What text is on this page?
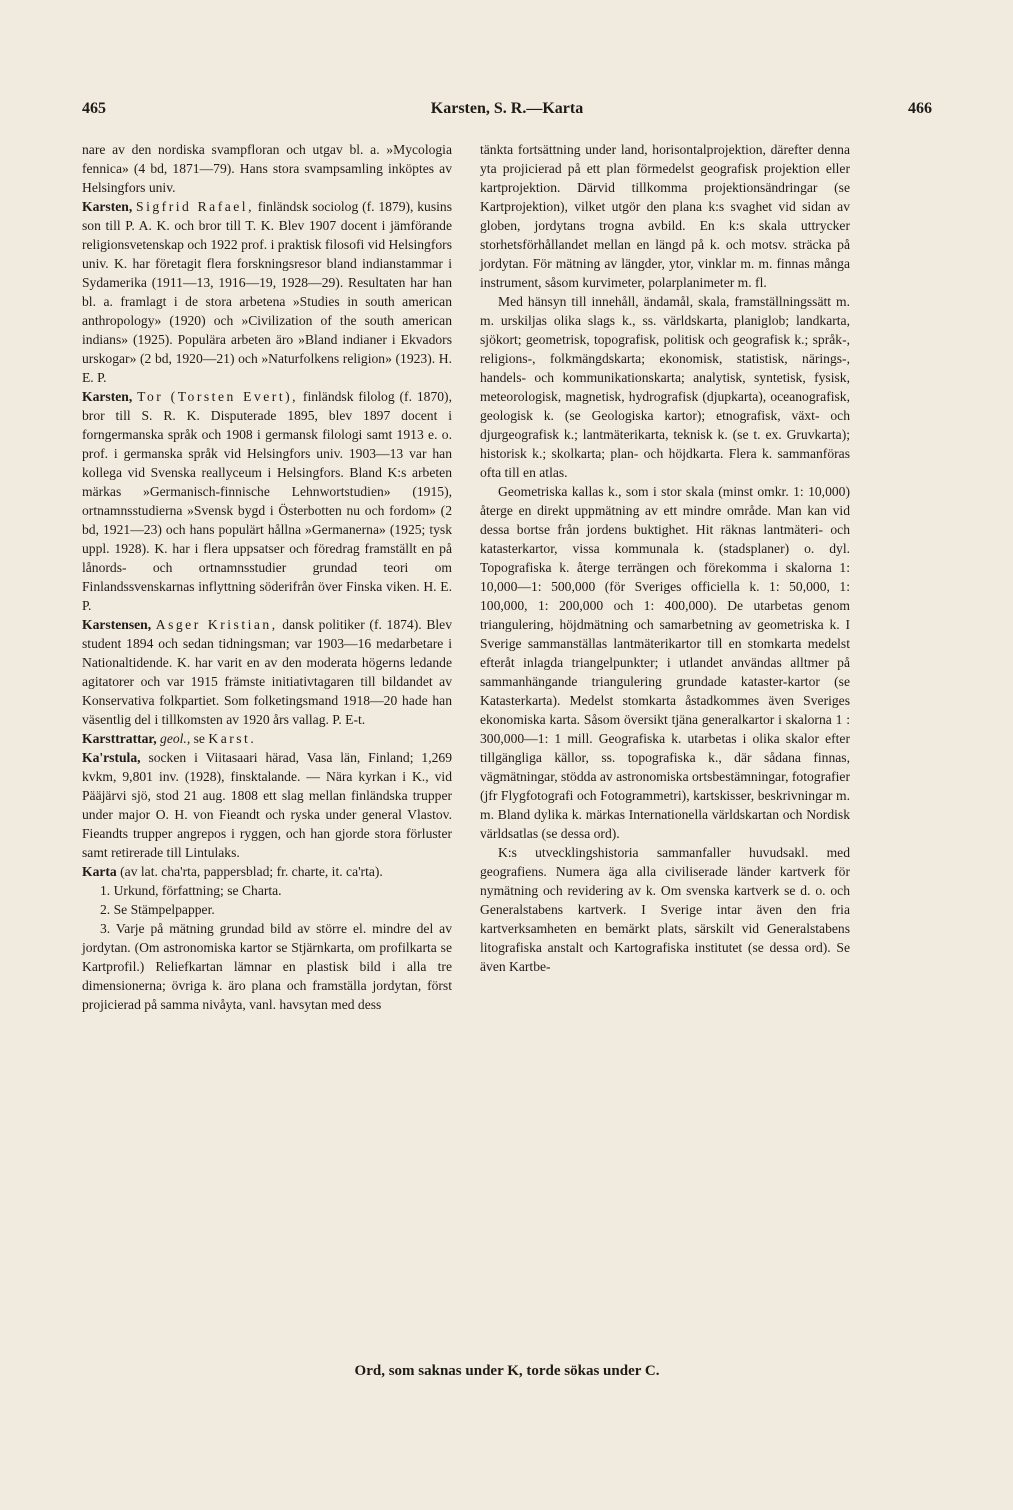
465	Karsten, S. R.—Karta	466

nare av den nordiska svampfloran och utgav bl. a. »Mycologia fennica» (4 bd, 1871—79). Hans stora svampsamling inköptes av Helsingfors univ.

Karsten, Sigfrid Rafael, finländsk sociolog (f. 1879), kusins son till P. A. K. och bror till T. K. Blev 1907 docent i jämförande religionsvetenskap och 1922 prof. i praktisk filosofi vid Helsingfors univ. K. har företagit flera forskningsresor bland indianstammar i Sydamerika (1911—13, 1916—19, 1928—29). Resultaten har han bl. a. framlagt i de stora arbetena »Studies in south american anthropology» (1920) och »Civilization of the south american indians» (1925). Populära arbeten äro »Bland indianer i Ekvadors urskogar» (2 bd, 1920—21) och »Naturfolkens religion» (1923). H. E. P.

Karsten, Tor (Torsten Evert), finländsk filolog (f. 1870), bror till S. R. K. Disputerade 1895, blev 1897 docent i forngermanska språk och 1908 i germansk filologi samt 1913 e. o. prof. i germanska språk vid Helsingfors univ. 1903—13 var han kollega vid Svenska reallyceum i Helsingfors. Bland K:s arbeten märkas »Germanisch-finnische Lehnwortstudien» (1915), ortnamnsstudierna »Svensk bygd i Österbotten nu och fordom» (2 bd, 1921—23) och hans populärt hållna »Germanerna» (1925; tysk uppl. 1928). K. har i flera uppsatser och föredrag framställt en på lånords- och ortnamnsstudier grundad teori om Finlandssvenskarnas inflyttning söderifrån över Finska viken. H. E. P.

Karstensen, Asger Kristian, dansk politiker (f. 1874). Blev student 1894 och sedan tidningsman; var 1903—16 medarbetare i Nationaltidende. K. har varit en av den moderata högerns ledande agitatorer och var 1915 främste initiativtagaren till bildandet av Konservativa folkpartiet. Som folketingsmand 1918—20 hade han väsentlig del i tillkomsten av 1920 års vallag. P. E-t.

Karsttrattar, geol., se Karst.

Ka'rstula, socken i Viitasaari härad, Vasa län, Finland; 1,269 kvkm, 9,801 inv. (1928), finsktalande. — Nära kyrkan i K., vid Pääjärvi sjö, stod 21 aug. 1808 ett slag mellan finländska trupper under major O. H. von Fieandt och ryska under general Vlastov. Fieandts trupper angrepos i ryggen, och han gjorde stora förluster samt retirerade till Lintulaks.

Karta (av lat. cha'rta, pappersblad; fr. charte, it. ca'rta).

1. Urkund, författning; se Charta.

2. Se Stämpelpapper.

3. Varje på mätning grundad bild av större el. mindre del av jordytan. (Om astronomiska kartor se Stjärnkarta, om profilkarta se Kartprofil.) Reliefkartan lämnar en plastisk bild i alla tre dimensionerna; övriga k. äro plana och framställa jordytan, först projicierad på samma nivåyta, vanl. havsytan med dess

tänkta fortsättning under land, horisontalprojektion, därefter denna yta projicierad på ett plan förmedelst geografisk projektion eller kartprojektion. Därvid tillkomma projektionsändringar (se Kartprojektion), vilket utgör den plana k:s svaghet vid sidan av globen, jordytans trogna avbild. En k:s skala uttrycker storhetsförhållandet mellan en längd på k. och motsv. sträcka på jordytan. För mätning av längder, ytor, vinklar m. m. finnas många instrument, såsom kurvimeter, polarplanimeter m. fl.

Med hänsyn till innehåll, ändamål, skala, framställningssätt m. m. urskiljas olika slags k., ss. världskarta, planiglob; landkarta, sjökort; geometrisk, topografisk, politisk och geografisk k.; språk-, religions-, folkmängdskarta; ekonomisk, statistisk, närings-, handels- och kommunikationskarta; analytisk, syntetisk, fysisk, meteorologisk, magnetisk, hydrografisk (djupkarta), oceanografisk, geologisk k. (se Geologiska kartor); etnografisk, växt- och djurgeografisk k.; lantmäterikarta, teknisk k. (se t. ex. Gruvkarta); historisk k.; skolkarta; plan- och höjdkarta. Flera k. sammanföras ofta till en atlas.

Geometriska kallas k., som i stor skala (minst omkr. 1: 10,000) återge en direkt uppmätning av ett mindre område. Man kan vid dessa bortse från jordens buktighet. Hit räknas lantmäteri- och katasterkartor, vissa kommunala k. (stadsplaner) o. dyl. Topografiska k. återge terrängen och förekomma i skalorna 1: 10,000—1: 500,000 (för Sveriges officiella k. 1: 50,000, 1: 100,000, 1: 200,000 och 1: 400,000). De utarbetas genom triangulering, höjdmätning och samarbetning av geometriska k. I Sverige sammanställas lantmäterikartor till en stomkarta medelst efteråt inlagda triangelpunkter; i utlandet användas alltmer på sammanhängande triangulering grundade kataster-kartor (se Katasterkarta). Medelst stomkarta åstadkommes även Sveriges ekonomiska karta. Såsom översikt tjäna generalkartor i skalorna 1 : 300,000—1: 1 mill. Geografiska k. utarbetas i olika skalor efter tillgängliga källor, ss. topografiska k., där sådana finnas, vägmätningar, stödda av astronomiska ortsbestämningar, fotografier (jfr Flygfotografi och Fotogrammetri), kartskisser, beskrivningar m. m. Bland dylika k. märkas Internationella världskartan och Nordisk världsatlas (se dessa ord).

K:s utvecklingshistoria sammanfaller huvudsakl. med geografiens. Numera äga alla civiliserade länder kartverk för nymätning och revidering av k. Om svenska kartverk se d. o. och Generalstabens kartverk. I Sverige intar även den fria kartverksamheten en bemärkt plats, särskilt vid Generalstabens litografiska anstalt och Kartografiska institutet (se dessa ord). Se även Kartbe-

Ord, som saknas under K, torde sökas under C.
